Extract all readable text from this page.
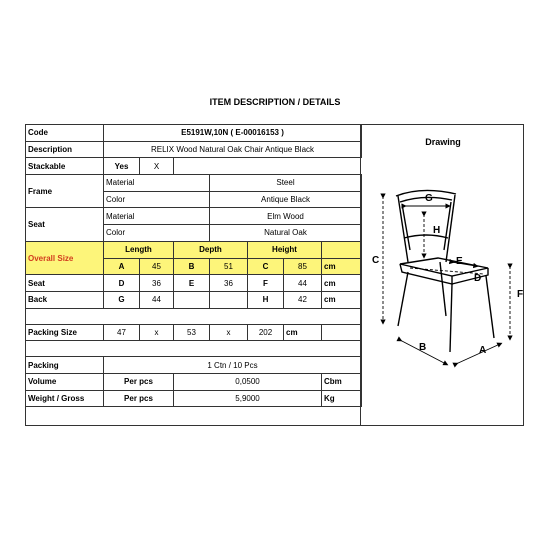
ITEM DESCRIPTION / DETAILS
Code	E5191W,10N ( E-00016153 )						
Description	RELIX Wood Natural Oak Chair Antique Black						
Stackable	Yes	X					
Frame	Material			Steel			
	Color			Antique Black			
Seat	Material			Elm Wood			
	Color			Natural Oak			
Overall Size	Length		Depth		Height		
	A	45	B	51	C	85	cm
Seat	D	36	E	36	F	44	cm
Back	G	44			H	42	cm

Packing Size	47	x	53	x	202	cm	

Packing	1 Ctn / 10 Pcs						
Volume	Per pcs		0,0500				Cbm
Weight / Gross	Per pcs		5,9000				Kg
Drawing
G
H
C	E
D
F
B	A
